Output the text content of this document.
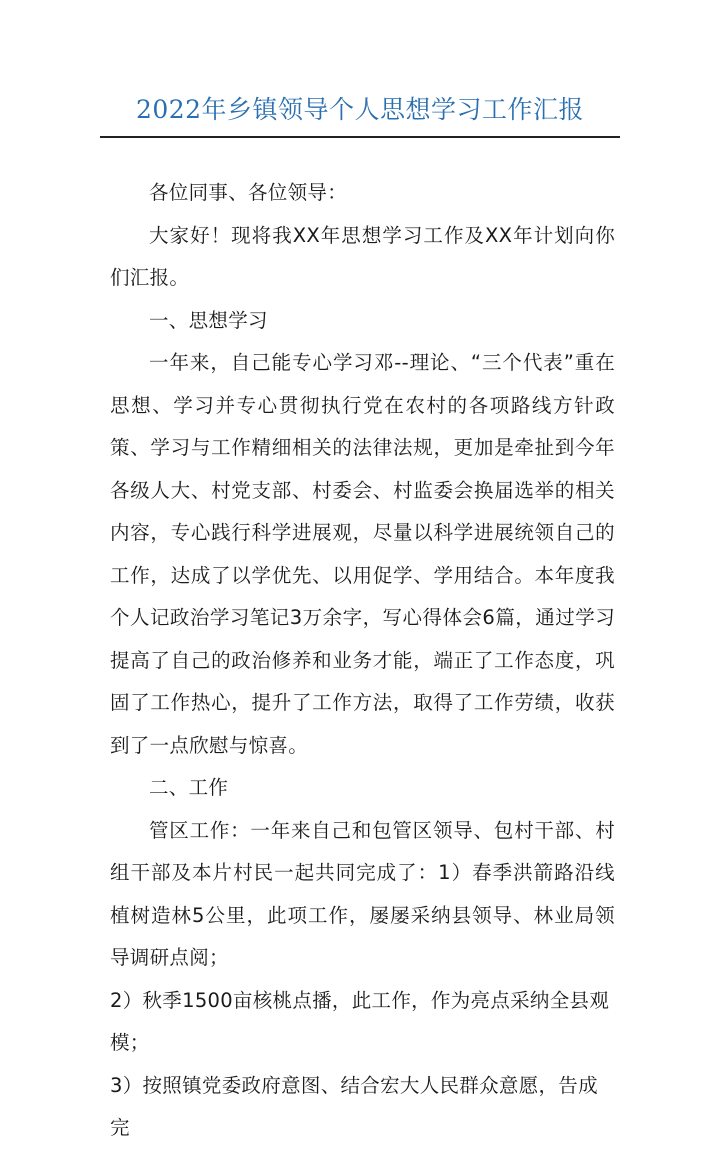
2022年乡镇领导个人思想学习工作汇报

各位同事、各位领导：

大家好！现将我XX年思想学习工作及XX年计划向你们汇报。

一、思想学习

一年来，自己能专心学习邓--理论、“三个代表”重在思想、学习并专心贯彻执行党在农村的各项路线方针政策、学习与工作精细相关的法律法规，更加是牵扯到今年各级人大、村党支部、村委会、村监委会换届选举的相关内容，专心践行科学进展观，尽量以科学进展统领自己的工作，达成了以学优先、以用促学、学用结合。本年度我个人记政治学习笔记3万余字，写心得体会6篇，通过学习提高了自己的政治修养和业务才能，端正了工作态度，巩固了工作热心，提升了工作方法，取得了工作劳绩，收获到了一点欣慰与惊喜。

二、工作

管区工作：一年来自己和包管区领导、包村干部、村组干部及本片村民一起共同完成了：1）春季洪箭路沿线植树造林5公里，此项工作，屡屡采纳县领导、林业局领导调研点阅；

2）秋季1500亩核桃点播，此工作，作为亮点采纳全县观模；

3）按照镇党委政府意图、结合宏大人民群众意愿，告成完
